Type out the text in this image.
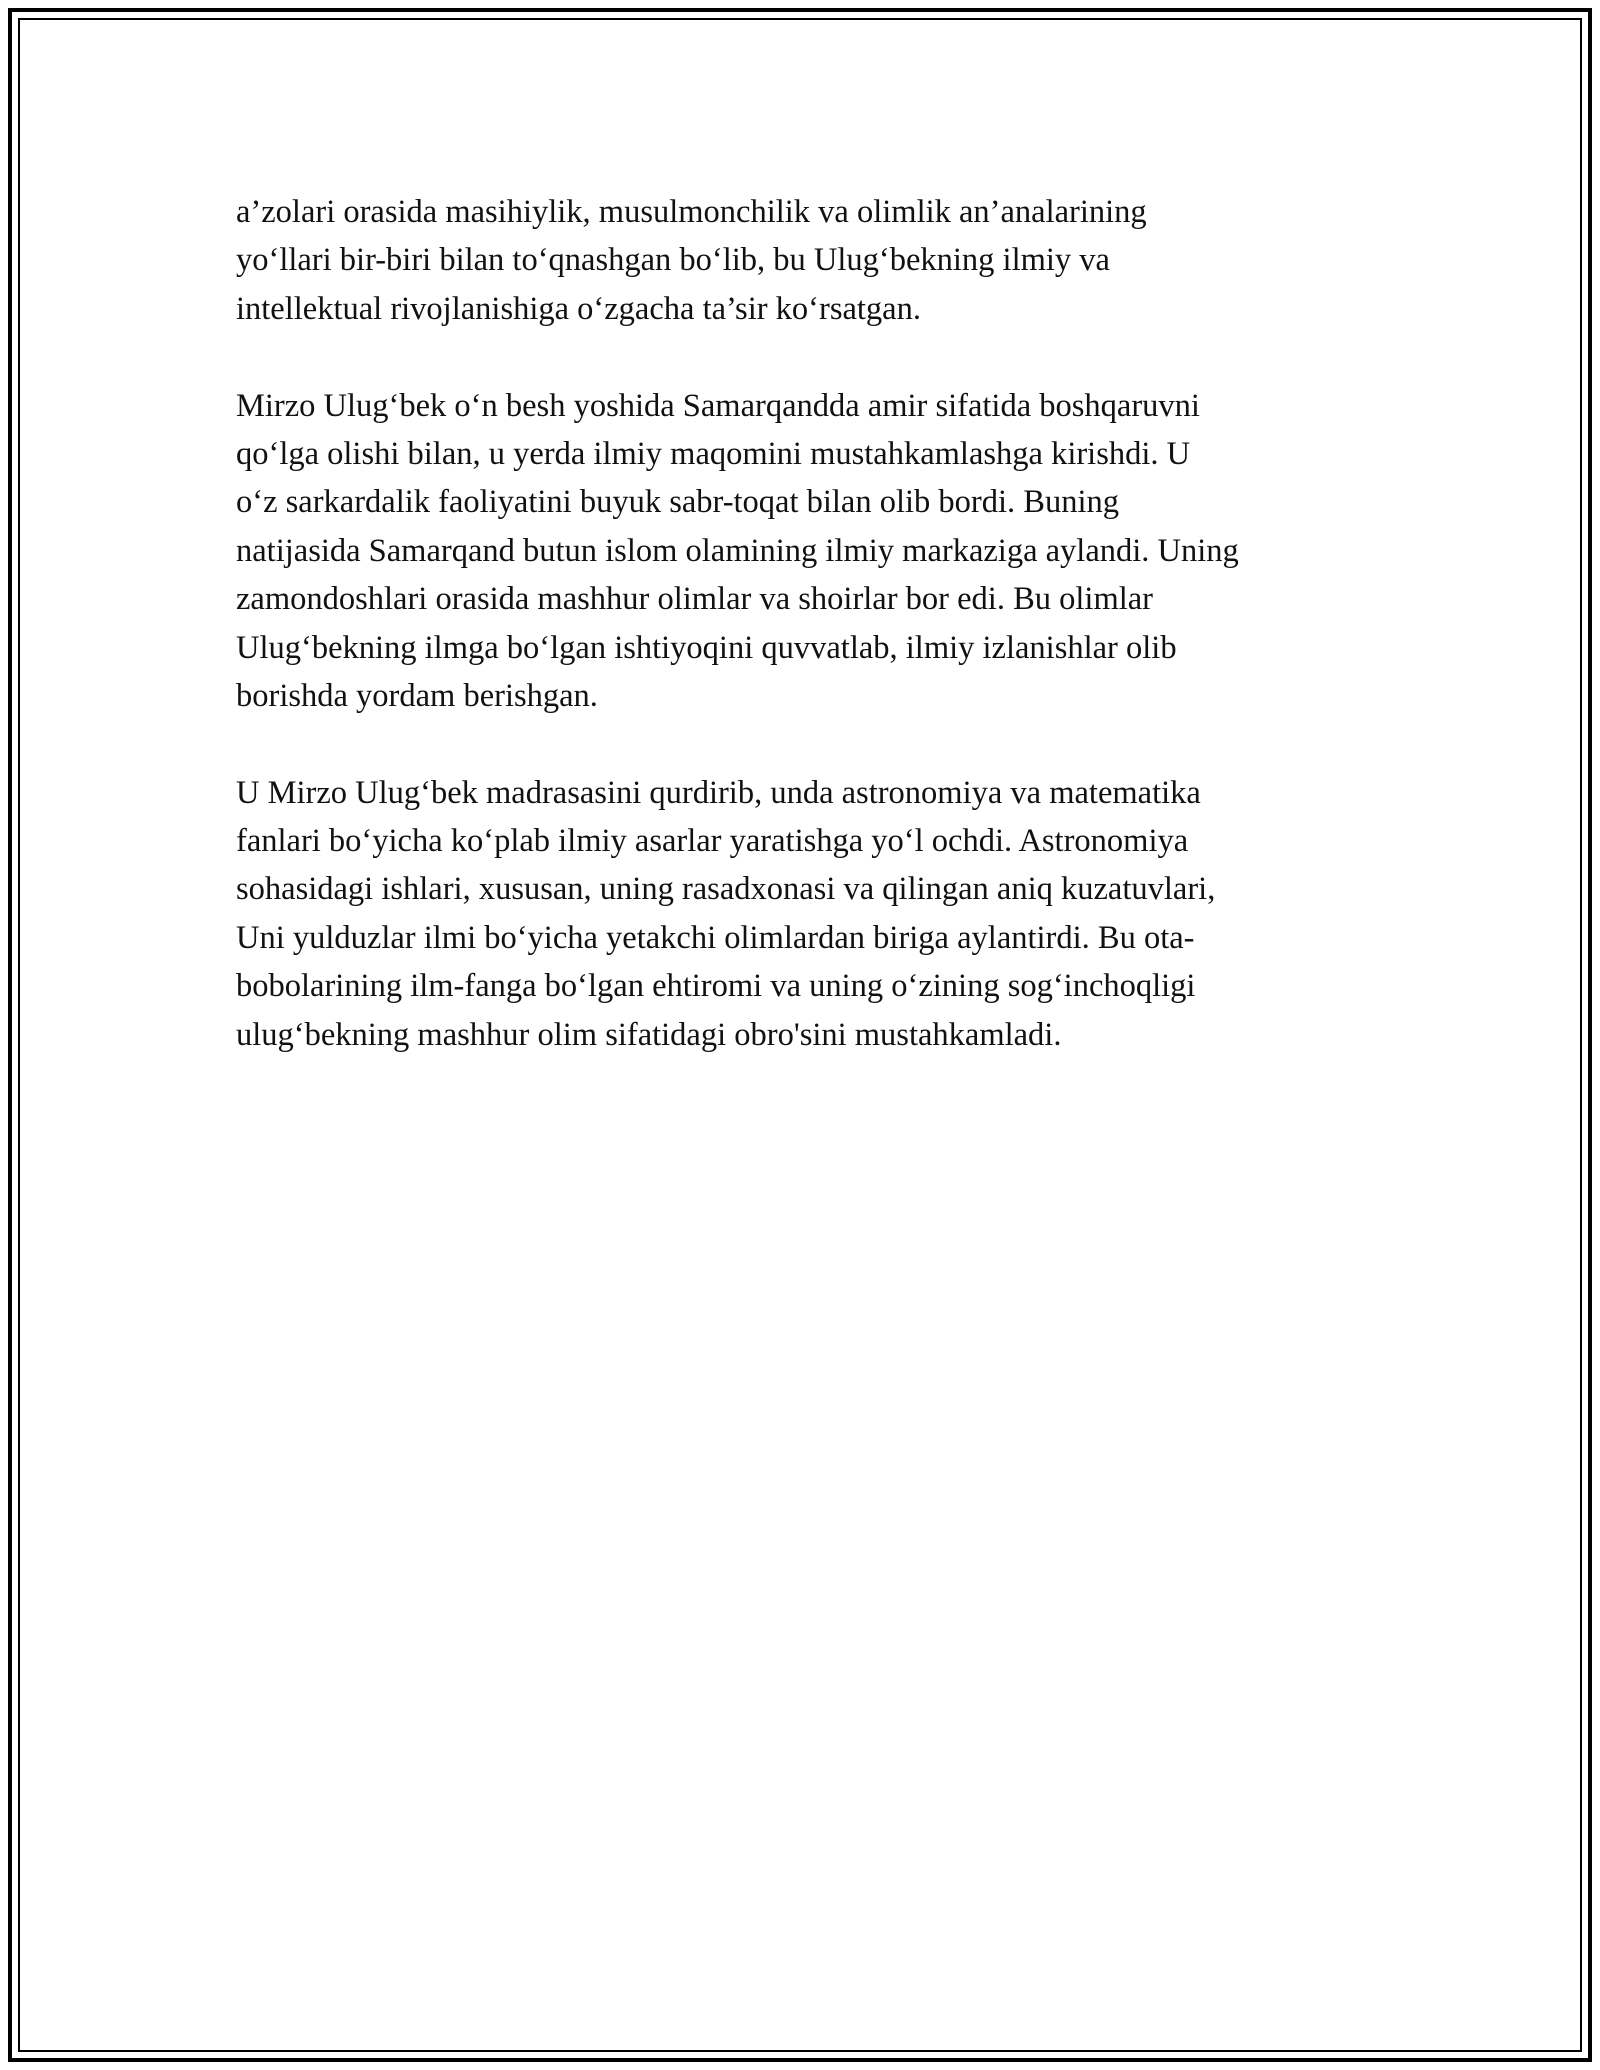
a’zolari orasida masihiylik, musulmonchilik va olimlik an’analarining
yo‘llari bir-biri bilan to‘qnashgan bo‘lib, bu Ulug‘bekning ilmiy va
intellektual rivojlanishiga o‘zgacha ta’sir ko‘rsatgan.
Mirzo Ulug‘bek o‘n besh yoshida Samarqandda amir sifatida boshqaruvni
qo‘lga olishi bilan, u yerda ilmiy maqomini mustahkamlashga kirishdi. U
o‘z sarkardalik faoliyatini buyuk sabr-toqat bilan olib bordi. Buning
natijasida Samarqand butun islom olamining ilmiy markaziga aylandi. Uning
zamondoshlari orasida mashhur olimlar va shoirlar bor edi. Bu olimlar
Ulug‘bekning ilmga bo‘lgan ishtiyoqini quvvatlab, ilmiy izlanishlar olib
borishda yordam berishgan.
U Mirzo Ulug‘bek madrasasini qurdirib, unda astronomiya va matematika
fanlari bo‘yicha ko‘plab ilmiy asarlar yaratishga yo‘l ochdi. Astronomiya
sohasidagi ishlari, xususan, uning rasadxonasi va qilingan aniq kuzatuvlari,
Uni yulduzlar ilmi bo‘yicha yetakchi olimlardan biriga aylantirdi. Bu ota-
bobolarining ilm-fanga bo‘lgan ehtiromi va uning o‘zining sog‘inchoqligi
ulug‘bekning mashhur olim sifatidagi obro'sini mustahkamladi.
